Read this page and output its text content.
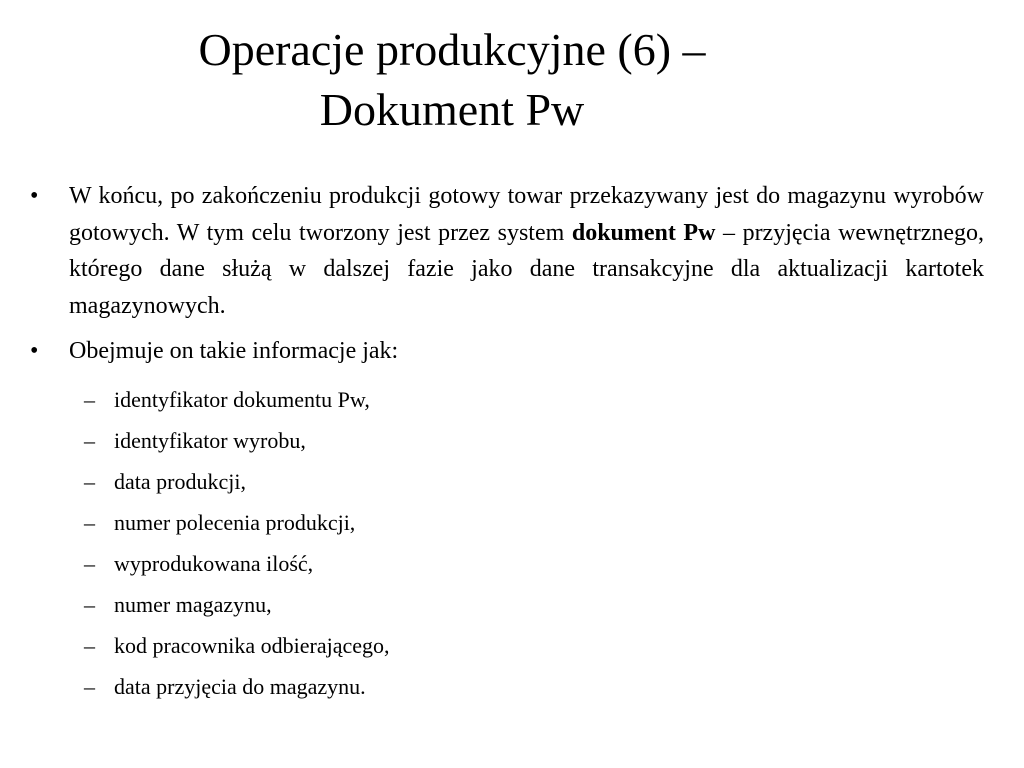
Operacje produkcyjne (6) –
Dokument Pw

• W końcu, po zakończeniu produkcji gotowy towar przekazywany jest do magazynu wyrobów gotowych. W tym celu tworzony jest przez system dokument Pw – przyjęcia wewnętrznego, którego dane służą w dalszej fazie jako dane transakcyjne dla aktualizacji kartotek magazynowych.

• Obejmuje on takie informacje jak:

– identyfikator dokumentu Pw,
– identyfikator wyrobu,
– data produkcji,
– numer polecenia produkcji,
– wyprodukowana ilość,
– numer magazynu,
– kod pracownika odbierającego,
– data przyjęcia do magazynu.
